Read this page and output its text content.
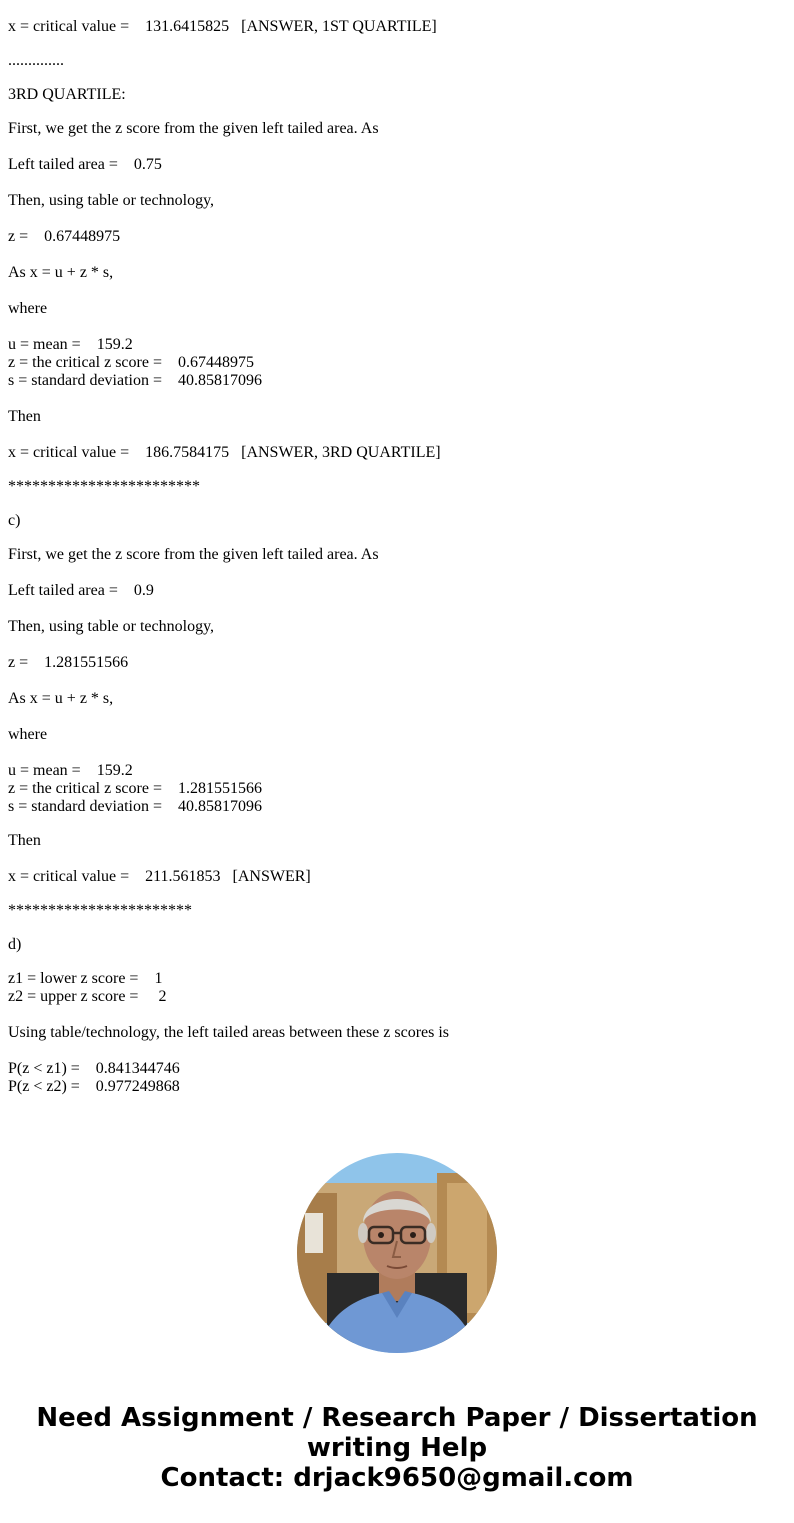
x = critical value =    131.6415825   [ANSWER, 1ST QUARTILE]
..............
3RD QUARTILE:
First, we get the z score from the given left tailed area. As
Left tailed area =    0.75
Then, using table or technology,
z =    0.67448975
As x = u + z * s,
where
u = mean =    159.2
z = the critical z score =    0.67448975
s = standard deviation =    40.85817096
Then
x = critical value =    186.7584175   [ANSWER, 3RD QUARTILE]
************************
c)
First, we get the z score from the given left tailed area. As
Left tailed area =    0.9
Then, using table or technology,
z =    1.281551566
As x = u + z * s,
where
u = mean =    159.2
z = the critical z score =    1.281551566
s = standard deviation =    40.85817096
Then
x = critical value =    211.561853   [ANSWER]
***********************
d)
z1 = lower z score =    1
z2 = upper z score =     2
Using table/technology, the left tailed areas between these z scores is
P(z < z1) =    0.841344746
P(z < z2) =    0.977249868
Need Assignment / Research Paper / Dissertation
writing Help
Contact: drjack9650@gmail.com
